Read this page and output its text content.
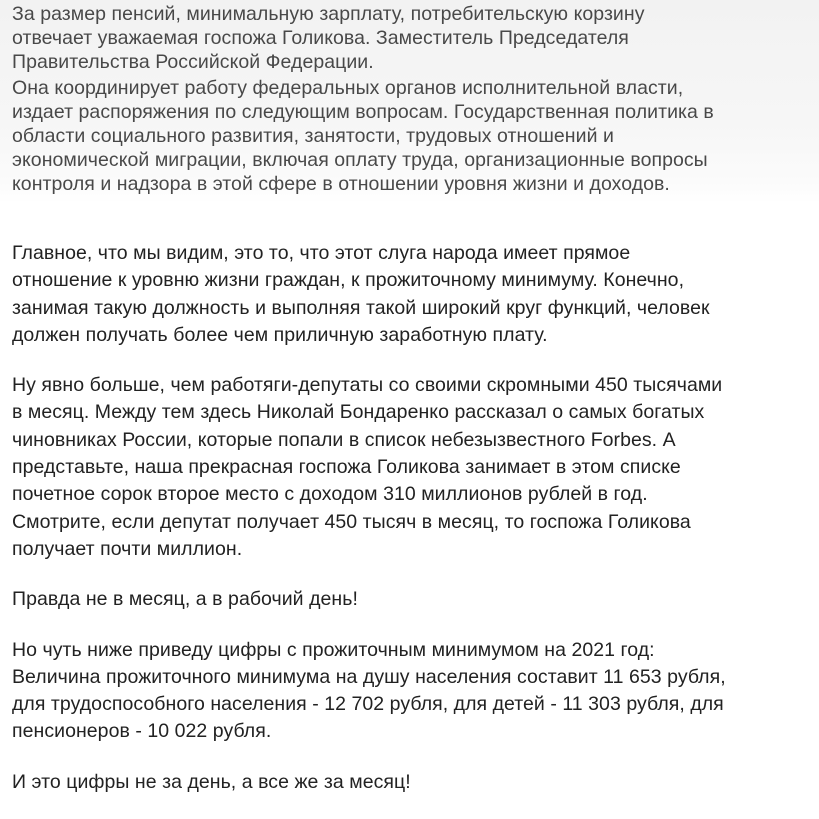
За размер пенсий, минимальную зарплату, потребительскую корзину
отвечает уважаемая госпожа Голикова. Заместитель Председателя
Правительства Российской Федерации.
Она координирует работу федеральных органов исполнительной власти,
издает распоряжения по следующим вопросам. Государственная политика в
области социального развития, занятости, трудовых отношений и
экономической миграции, включая оплату труда, организационные вопросы
контроля и надзора в этой сфере в отношении уровня жизни и доходов.

Главное, что мы видим, это то, что этот слуга народа имеет прямое
отношение к уровню жизни граждан, к прожиточному минимуму. Конечно,
занимая такую должность и выполняя такой широкий круг функций, человек
должен получать более чем приличную заработную плату.

Ну явно больше, чем работяги-депутаты со своими скромными 450 тысячами
в месяц. Между тем здесь Николай Бондаренко рассказал о самых богатых
чиновниках России, которые попали в список небезызвестного Forbes. А
представьте, наша прекрасная госпожа Голикова занимает в этом списке
почетное сорок второе место с доходом 310 миллионов рублей в год.
Смотрите, если депутат получает 450 тысяч в месяц, то госпожа Голикова
получает почти миллион.

Правда не в месяц, а в рабочий день!

Но чуть ниже приведу цифры с прожиточным минимумом на 2021 год:
Величина прожиточного минимума на душу населения составит 11 653 рубля,
для трудоспособного населения - 12 702 рубля, для детей - 11 303 рубля, для
пенсионеров - 10 022 рубля.

И это цифры не за день, а все же за месяц!
